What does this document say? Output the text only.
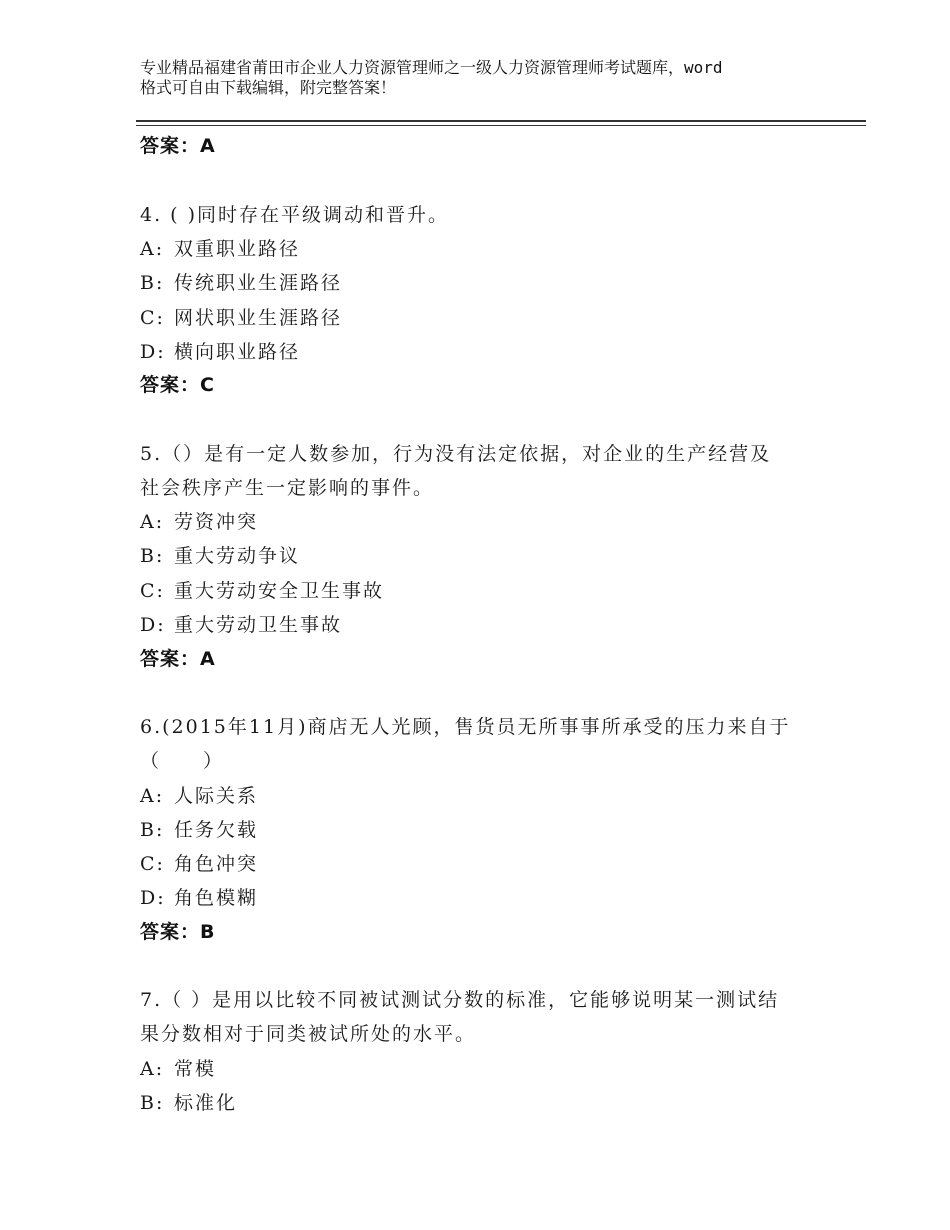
专业精品福建省莆田市企业人力资源管理师之一级人力资源管理师考试题库，word
格式可自由下载编辑，附完整答案！
答案：A
4. ( )同时存在平级调动和晋升。
A: 双重职业路径
B: 传统职业生涯路径
C: 网状职业生涯路径
D: 横向职业路径
答案：C
5.（）是有一定人数参加，行为没有法定依据，对企业的生产经营及
社会秩序产生一定影响的事件。
A: 劳资冲突
B: 重大劳动争议
C: 重大劳动安全卫生事故
D: 重大劳动卫生事故
答案：A
6.(2015年11月)商店无人光顾，售货员无所事事所承受的压力来自于
（　　）
A: 人际关系
B: 任务欠载
C: 角色冲突
D: 角色模糊
答案：B
7.（ ）是用以比较不同被试测试分数的标准，它能够说明某一测试结
果分数相对于同类被试所处的水平。
A: 常模
B: 标准化
